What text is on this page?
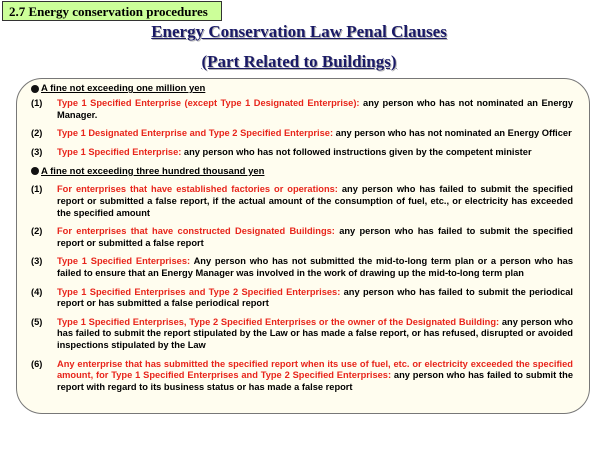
2.7 Energy conservation procedures
Energy Conservation Law Penal Clauses
(Part Related to Buildings)
A fine not exceeding one million yen
(1)	Type 1 Specified Enterprise (except Type 1 Designated Enterprise): any person who has not nominated an Energy Manager.
(2)	Type 1 Designated Enterprise and Type 2 Specified Enterprise: any person who has not nominated an Energy Officer
(3)	Type 1 Specified Enterprise: any person who has not followed instructions given by the competent minister
A fine not exceeding three hundred thousand yen
(1)	For enterprises that have established factories or operations: any person who has failed to submit the specified report or submitted a false report, if the actual amount of the consumption of fuel, etc., or electricity has exceeded the specified amount
(2)	For enterprises that have constructed Designated Buildings: any person who has failed to submit the specified report or submitted a false report
(3)	Type 1 Specified Enterprises: Any person who has not submitted the mid-to-long term plan or a person who has failed to ensure that an Energy Manager was involved in the work of drawing up the mid-to-long term plan
(4)	Type 1 Specified Enterprises and Type 2 Specified Enterprises: any person who has failed to submit the periodical report or has submitted a false periodical report
(5)	Type 1 Specified Enterprises, Type 2 Specified Enterprises or the owner of the Designated Building: any person who has failed to submit the report stipulated by the Law or has made a false report, or has refused, disrupted or avoided inspections stipulated by the Law
(6)	Any enterprise that has submitted the specified report when its use of fuel, etc. or electricity exceeded the specified amount, for Type 1 Specified Enterprises and Type 2 Specified Enterprises: any person who has failed to submit the report with regard to its business status or has made a false report
